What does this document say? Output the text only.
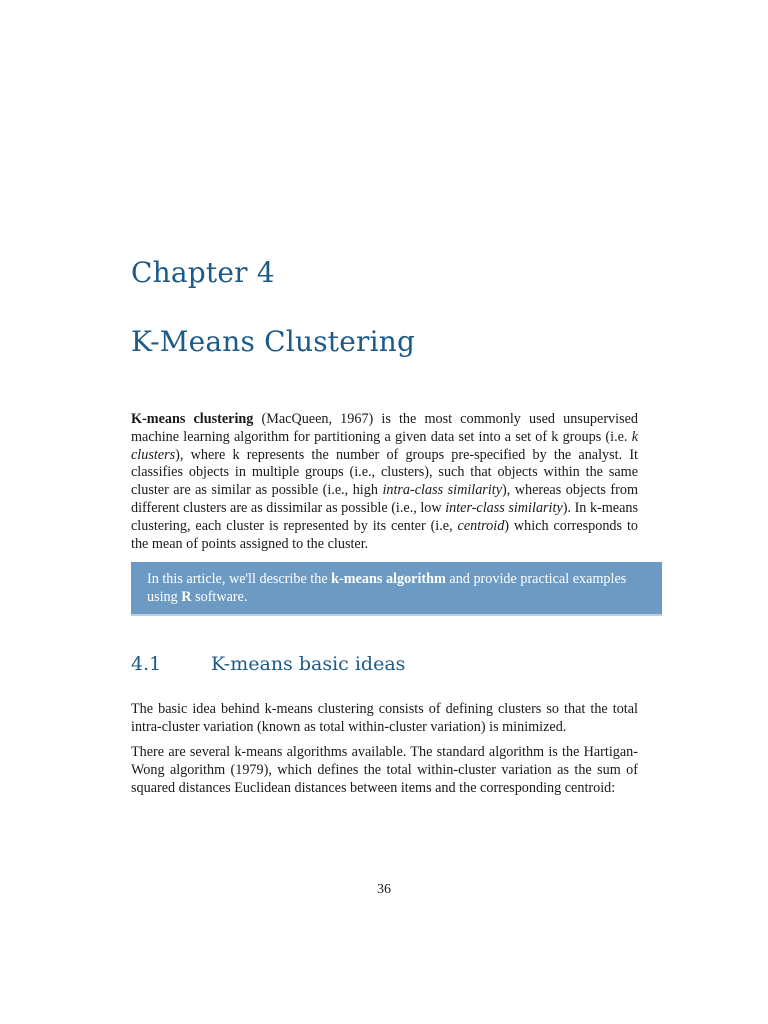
Chapter 4
K-Means Clustering

K-means clustering (MacQueen, 1967) is the most commonly used unsupervised machine learning algorithm for partitioning a given data set into a set of k groups (i.e. k clusters), where k represents the number of groups pre-specified by the analyst. It classifies objects in multiple groups (i.e., clusters), such that objects within the same cluster are as similar as possible (i.e., high intra-class similarity), whereas objects from different clusters are as dissimilar as possible (i.e., low inter-class similarity). In k-means clustering, each cluster is represented by its center (i.e, centroid) which corresponds to the mean of points assigned to the cluster.

In this article, we'll describe the k-means algorithm and provide practical examples using R software.
4.1	K-means basic ideas

The basic idea behind k-means clustering consists of defining clusters so that the total intra-cluster variation (known as total within-cluster variation) is minimized.

There are several k-means algorithms available. The standard algorithm is the Hartigan-Wong algorithm (1979), which defines the total within-cluster variation as the sum of squared distances Euclidean distances between items and the corresponding centroid:

36
